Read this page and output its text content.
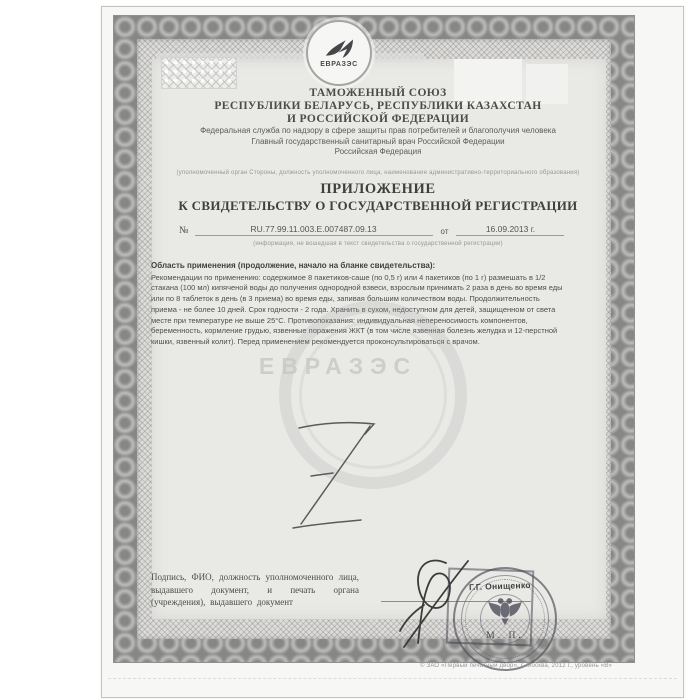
ЕВРАЗЭС
ТАМОЖЕННЫЙ СОЮЗ
РЕСПУБЛИКИ БЕЛАРУСЬ, РЕСПУБЛИКИ КАЗАХСТАН
И РОССИЙСКОЙ ФЕДЕРАЦИИ
Федеральная служба по надзору в сфере защиты прав потребителей и благополучия человека
Главный государственный санитарный врач Российской Федерации
Российская Федерация
(уполномоченный орган Стороны, должность уполномоченного лица, наименование административно-территориального образования)
ПРИЛОЖЕНИЕ
К СВИДЕТЕЛЬСТВУ О ГОСУДАРСТВЕННОЙ РЕГИСТРАЦИИ
№	RU.77.99.11.003.E.007487.09.13	от	16.09.2013 г.
(информация, не вошедшая в текст свидетельства о государственной регистрации)
Область применения (продолжение, начало на бланке свидетельства):
Рекомендации по применению: содержимое 8 пакетиков-саше (по 0,5 г) или 4 пакетиков (по 1 г) размешать в 1/2 стакана (100 мл) кипяченой воды до получения однородной взвеси, взрослым принимать 2 раза в день во время еды или по 8 таблеток в день (в 3 приема) во время еды, запивая большим количеством воды. Продолжительность приема - не более 10 дней. Срок годности - 2 года. Хранить в сухом, недоступном для детей, защищенном от света месте при температуре не выше 25°С. Противопоказания: индивидуальная непереносимость компонентов, беременность, кормление грудью, язвенные поражения ЖКТ (в том числе язвенная болезнь желудка и 12-перстной кишки, язвенный колит). Перед применением рекомендуется проконсультироваться с врачом.
ЕВРАЗЭС
Подпись, ФИО, должность уполномоченного лица, выдавшего документ, и печать органа (учреждения), выдавшего документ
М. П.
Г.Г. Онищенко
© ЗАО «Первый печатный двор», г. Москва, 2012 г., уровень «В»
